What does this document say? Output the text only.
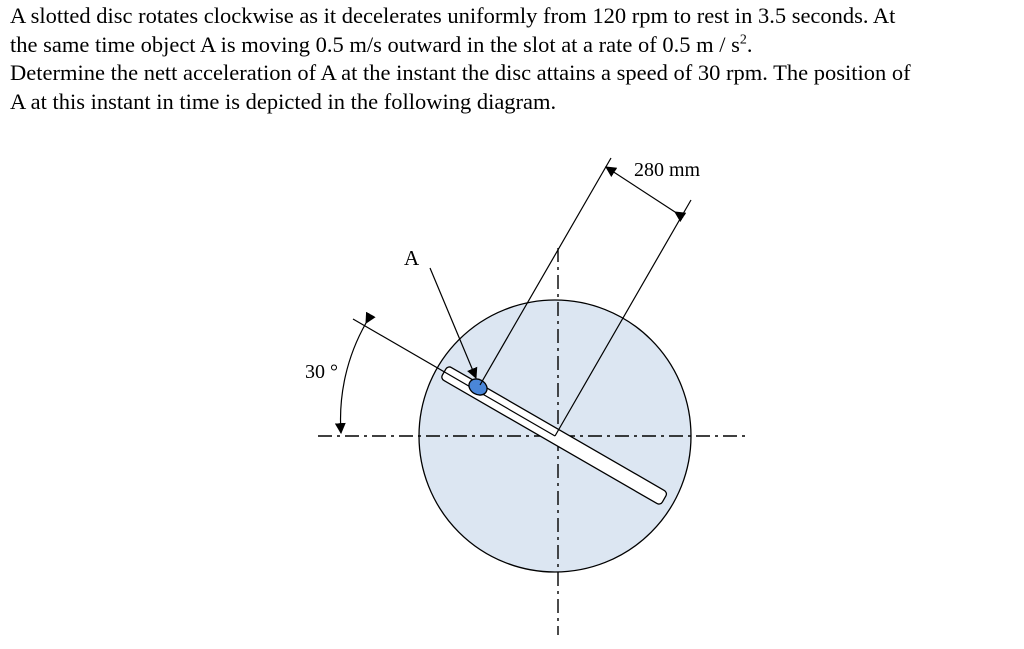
A slotted disc rotates clockwise as it decelerates uniformly from 120 rpm to rest in 3.5 seconds. At

the same time object A is moving 0.5 m/s outward in the slot at a rate of 0.5 m / $s^2$.

Determine the nett acceleration of A at the instant the disc attains a speed of 30 rpm. The position of

A at this instant in time is depicted in the following diagram.

A
30 °
280 mm
